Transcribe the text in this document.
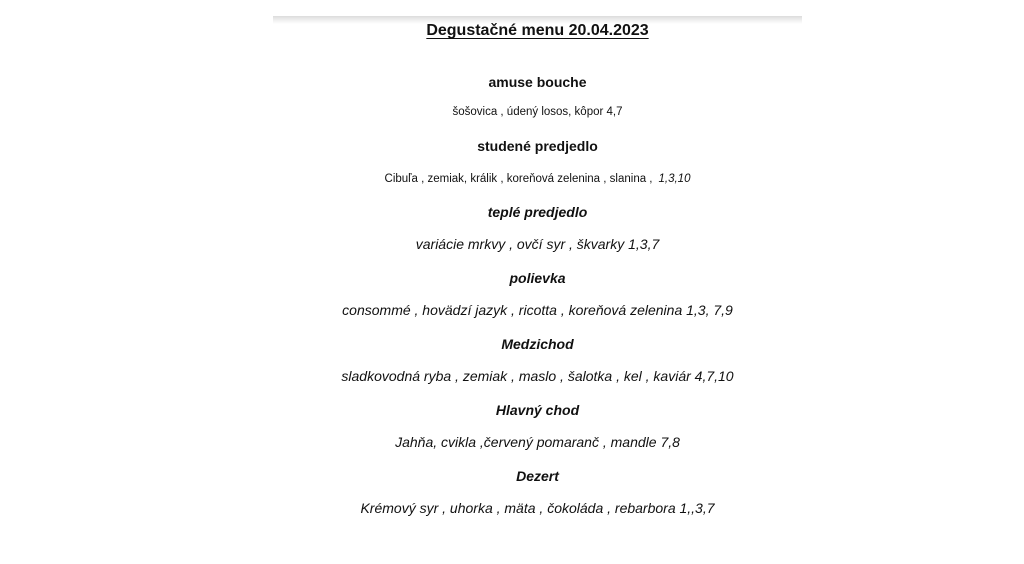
Degustačné menu 20.04.2023
amuse bouche
šošovica , údený losos, kôpor 4,7
studené predjedlo
Cibuľa , zemiak, králik , koreňová zelenina , slanina , 1,3,10
teplé predjedlo
variácie mrkvy , ovčí syr , škvarky 1,3,7
polievka
consommé , hovädzí jazyk , ricotta , koreňová zelenina 1,3, 7,9
Medzichod
sladkovodná ryba , zemiak , maslo , šalotka , kel , kaviár 4,7,10
Hlavný chod
Jahňa, cvikla ,červený pomaranč , mandle 7,8
Dezert
Krémový syr , uhorka , mäta , čokoláda , rebarbora 1,,3,7
